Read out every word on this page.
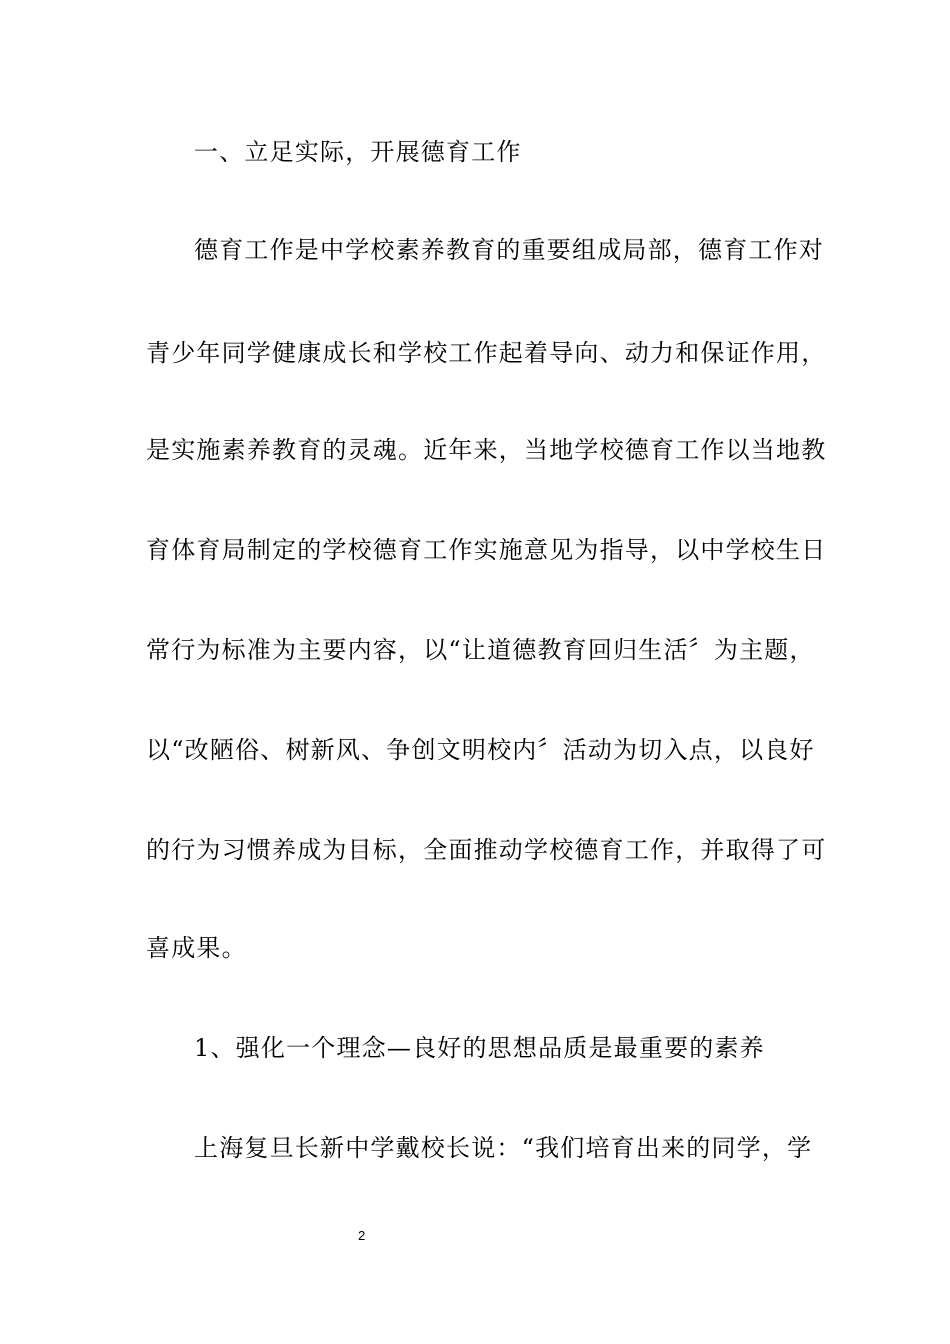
一、立足实际，开展德育工作
德育工作是中学校素养教育的重要组成局部，德育工作对
青少年同学健康成长和学校工作起着导向、动力和保证作用，
是实施素养教育的灵魂。近年来，当地学校德育工作以当地教
育体育局制定的学校德育工作实施意见为指导，以中学校生日
常行为标准为主要内容，以“让道德教育回归生活〞为主题，
以“改陋俗、树新风、争创文明校内〞活动为切入点，以良好
的行为习惯养成为目标，全面推动学校德育工作，并取得了可
喜成果。
1、强化一个理念—良好的思想品质是最重要的素养
上海复旦长新中学戴校长说：“我们培育出来的同学，学
2
